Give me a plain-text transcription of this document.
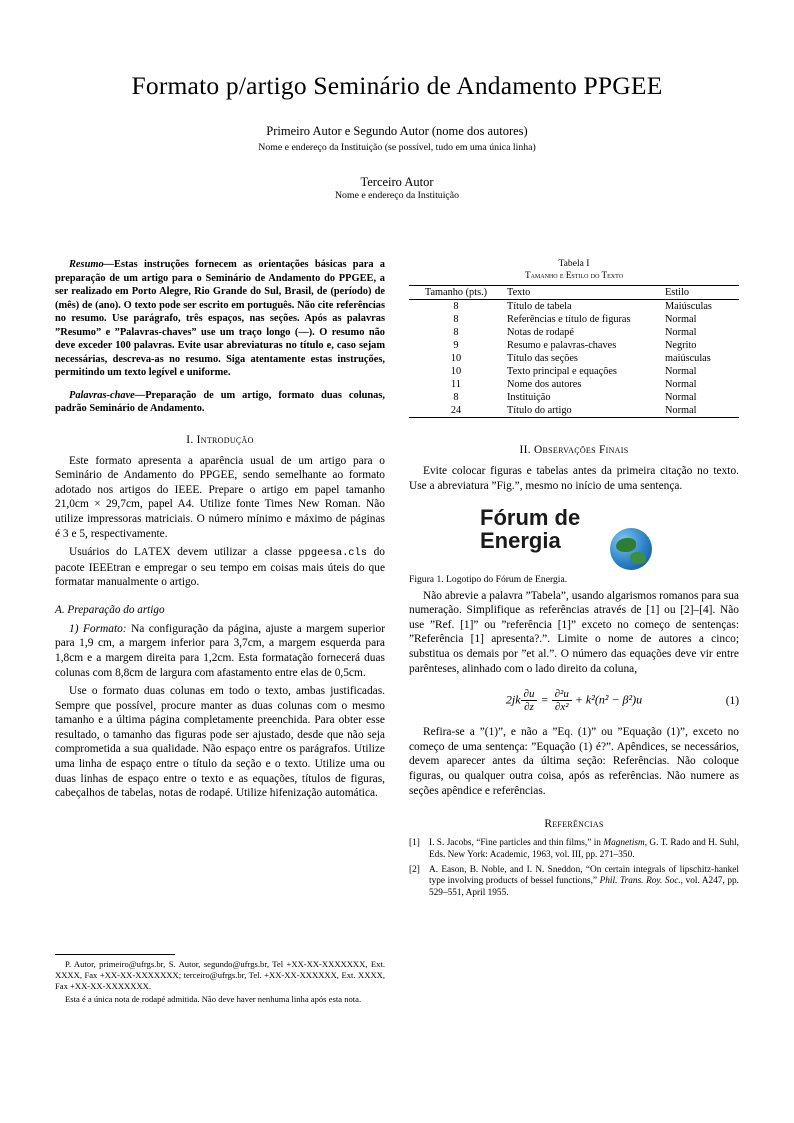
Formato p/artigo Seminário de Andamento PPGEE
Primeiro Autor e Segundo Autor (nome dos autores)
Nome e endereço da Instituição (se possível, tudo em uma única linha)
Terceiro Autor
Nome e endereço da Instituição
Resumo—Estas instruções fornecem as orientações básicas para a preparação de um artigo para o Seminário de Andamento do PPGEE, a ser realizado em Porto Alegre, Rio Grande do Sul, Brasil, de (período) de (mês) de (ano). O texto pode ser escrito em português. Não cite referências no resumo. Use parágrafo, três espaços, nas seções. Após as palavras ”Resumo” e ”Palavras-chaves” use um traço longo (—). O resumo não deve exceder 100 palavras. Evite usar abreviaturas no título e, caso sejam necessárias, descreva-as no resumo. Siga atentamente estas instruções, permitindo um texto legível e uniforme.
Palavras-chave—Preparação de um artigo, formato duas colunas, padrão Seminário de Andamento.
I. Introdução

Este formato apresenta a aparência usual de um artigo para o Seminário de Andamento do PPGEE, sendo semelhante ao formato adotado nos artigos do IEEE. Prepare o artigo em papel tamanho 21,0cm × 29,7cm, papel A4. Utilize fonte Times New Roman. Não utilize impressoras matriciais. O número mínimo e máximo de páginas é 3 e 5, respectivamente.

Usuários do LATEX devem utilizar a classe ppgeesa.cls do pacote IEEEtran e empregar o seu tempo em coisas mais úteis do que formatar manualmente o artigo.

A. Preparação do artigo

1) Formato: Na configuração da página, ajuste a margem superior para 1,9 cm, a margem inferior para 3,7cm, a margem esquerda para 1,8cm e a margem direita para 1,2cm. Esta formatação fornecerá duas colunas com 8,8cm de largura com afastamento entre elas de 0,5cm.

Use o formato duas colunas em todo o texto, ambas justificadas. Sempre que possível, procure manter as duas colunas com o mesmo tamanho e a última página completamente preenchida. Para obter esse resultado, o tamanho das figuras pode ser ajustado, desde que não seja comprometida a sua qualidade. Não espaço entre os parágrafos. Utilize uma linha de espaço entre o título da seção e o texto. Utilize uma ou duas linhas de espaço entre o texto e as equações, títulos de figuras, cabeçalhos de tabelas, notas de rodapé. Utilize hifenização automática.

Tabela I
Tamanho e Estilo do Texto
Tamanho (pts.)	Texto	Estilo
8	Título de tabela	Maiúsculas
8	Referências e título de figuras	Normal
8	Notas de rodapé	Normal
9	Resumo e palavras-chaves	Negrito
10	Título das seções	maiúsculas
10	Texto principal e equações	Normal
11	Nome dos autores	Normal
8	Instituição	Normal
24	Título do artigo	Normal
II. Observações Finais

Evite colocar figuras e tabelas antes da primeira citação no texto. Use a abreviatura ”Fig.”, mesmo no início de uma sentença.

Fórum de
Energia
Figura 1. Logotipo do Fórum de Energia.

Não abrevie a palavra ”Tabela”, usando algarismos romanos para sua numeração. Simplifique as referências através de [1] ou [2]–[4]. Não use ”Ref. [1]” ou ”referência [1]” exceto no começo de sentenças: ”Referência [1] apresenta?.”. Limite o nome de autores a cinco; substitua os demais por ”et al.”. O número das equações deve vir entre parênteses, alinhado com o lado direito da coluna,

$2jk \frac{\partial u}{\partial z} = \frac{\text{∂²u}}{\text{∂x²}} + k^2(n^2 - \beta^2)u$	(1)

Refira-se a ”(1)”, e não a ”Eq. (1)” ou ”Equação (1)”, exceto no começo de uma sentença: ”Equação (1) é?”. Apêndices, se necessários, devem aparecer antes da última seção: Referências. Não coloque figuras, ou qualquer outra coisa, após as referências. Não numere as seções apêndice e referências.

Referências
[1] I. S. Jacobs, “Fine particles and thin films,” in Magnetism, G. T. Rado and H. Suhl, Eds. New York: Academic, 1963, vol. III, pp. 271–350.
[2] A. Eason, B. Noble, and I. N. Sneddon, “On certain integrals of lipschitz-hankel type involving products of bessel functions,” Phil. Trans. Roy. Soc., vol. A247, pp. 529–551, April 1955.

P. Autor, primeiro@ufrgs.br, S. Autor, segundo@ufrgs.br, Tel +XX-XX-XXXXXXX, Ext. XXXX, Fax +XX-XX-XXXXXXX; terceiro@ufrgs.br, Tel. +XX-XX-XXXXXX, Ext. XXXX, Fax +XX-XX-XXXXXXX.

Esta é a única nota de rodapé admitida. Não deve haver nenhuma linha após esta nota.
